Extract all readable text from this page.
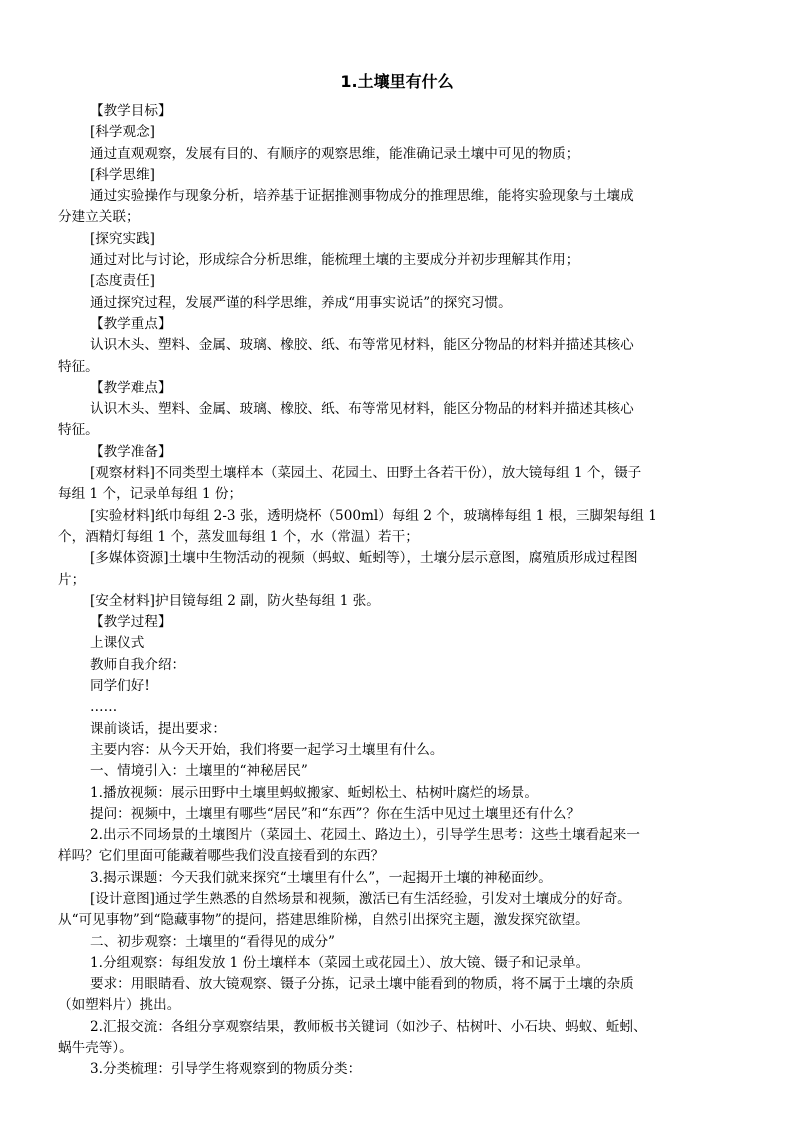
1.土壤里有什么
【教学目标】
[科学观念]
通过直观观察，发展有目的、有顺序的观察思维，能准确记录土壤中可见的物质；
[科学思维]
通过实验操作与现象分析，培养基于证据推测事物成分的推理思维，能将实验现象与土壤成
分建立关联；
[探究实践]
通过对比与讨论，形成综合分析思维，能梳理土壤的主要成分并初步理解其作用；
[态度责任]
通过探究过程，发展严谨的科学思维，养成“用事实说话”的探究习惯。
【教学重点】
认识木头、塑料、金属、玻璃、橡胶、纸、布等常见材料，能区分物品的材料并描述其核心
特征。
【教学难点】
认识木头、塑料、金属、玻璃、橡胶、纸、布等常见材料，能区分物品的材料并描述其核心
特征。
【教学准备】
[观察材料]不同类型土壤样本（菜园土、花园土、田野土各若干份），放大镜每组 1 个，镊子
每组 1 个，记录单每组 1 份；
[实验材料]纸巾每组 2-3 张，透明烧杯（500ml）每组 2 个，玻璃棒每组 1 根，三脚架每组 1
个，酒精灯每组 1 个，蒸发皿每组 1 个，水（常温）若干；
[多媒体资源]土壤中生物活动的视频（蚂蚁、蚯蚓等），土壤分层示意图，腐殖质形成过程图
片；
[安全材料]护目镜每组 2 副，防火垫每组 1 张。
【教学过程】
上课仪式
教师自我介绍：
同学们好!
……
课前谈话，提出要求：
主要内容：从今天开始，我们将要一起学习土壤里有什么。
一、情境引入：土壤里的“神秘居民”
1.播放视频：展示田野中土壤里蚂蚁搬家、蚯蚓松土、枯树叶腐烂的场景。
提问：视频中，土壤里有哪些“居民”和“东西”？你在生活中见过土壤里还有什么？
2.出示不同场景的土壤图片（菜园土、花园土、路边土），引导学生思考：这些土壤看起来一
样吗？它们里面可能藏着哪些我们没直接看到的东西？
3.揭示课题：今天我们就来探究“土壤里有什么”，一起揭开土壤的神秘面纱。
[设计意图]通过学生熟悉的自然场景和视频，激活已有生活经验，引发对土壤成分的好奇。
从“可见事物”到“隐藏事物”的提问，搭建思维阶梯，自然引出探究主题，激发探究欲望。
二、初步观察：土壤里的“看得见的成分”
1.分组观察：每组发放 1 份土壤样本（菜园土或花园土）、放大镜、镊子和记录单。
要求：用眼睛看、放大镜观察、镊子分拣，记录土壤中能看到的物质，将不属于土壤的杂质
（如塑料片）挑出。
2.汇报交流：各组分享观察结果，教师板书关键词（如沙子、枯树叶、小石块、蚂蚁、蚯蚓、
蜗牛壳等）。
3.分类梳理：引导学生将观察到的物质分类：
